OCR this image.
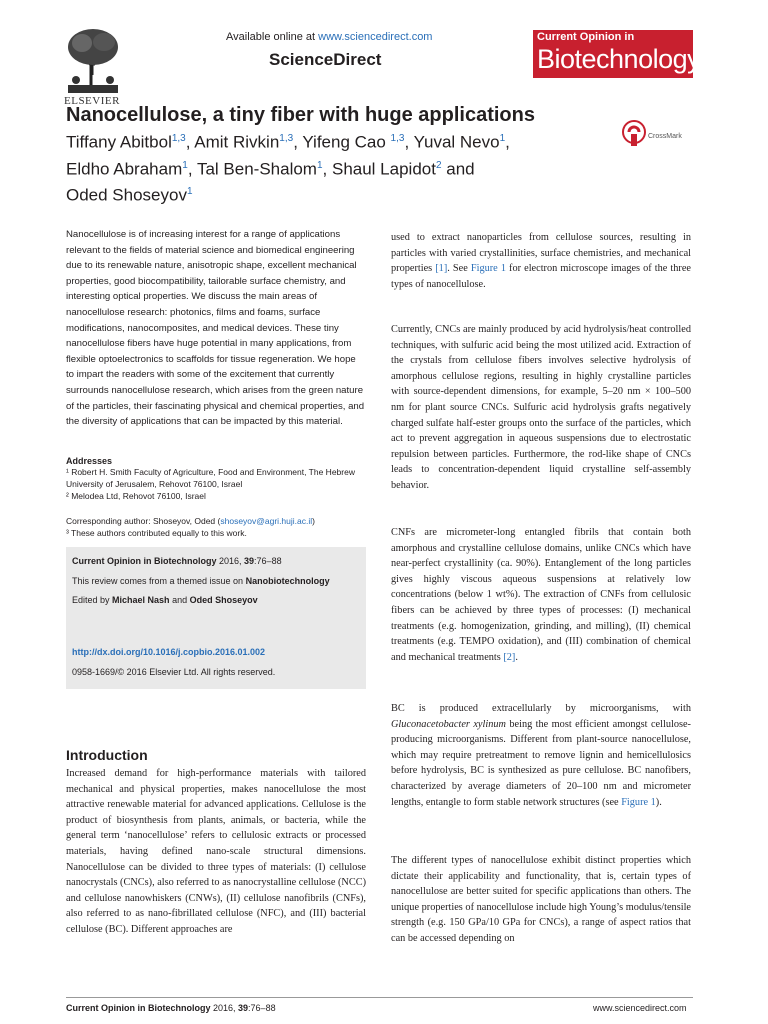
ELSEVIER
Available online at www.sciencedirect.com
ScienceDirect
Current Opinion in
Biotechnology
Nanocellulose, a tiny fiber with huge applications
Tiffany Abitbol$^{1,3}$, Amit Rivkin$^{1,3}$, Yifeng Cao $^{1,3}$, Yuval Nevo$^1$,
Eldho Abraham$^1$, Tal Ben-Shalom$^1$, Shaul Lapidot$^2$ and
Oded Shoseyov$^1$
CrossMark
Nanocellulose is of increasing interest for a range of applications relevant to the fields of material science and biomedical engineering due to its renewable nature, anisotropic shape, excellent mechanical properties, good biocompatibility, tailorable surface chemistry, and interesting optical properties. We discuss the main areas of nanocellulose research: photonics, films and foams, surface modifications, nanocomposites, and medical devices. These tiny nanocellulose fibers have huge potential in many applications, from flexible optoelectronics to scaffolds for tissue regeneration. We hope to impart the readers with some of the excitement that currently surrounds nanocellulose research, which arises from the green nature of the particles, their fascinating physical and chemical properties, and the diversity of applications that can be impacted by this material.
Addresses
¹ Robert H. Smith Faculty of Agriculture, Food and Environment, The Hebrew University of Jerusalem, Rehovot 76100, Israel
² Melodea Ltd, Rehovot 76100, Israel
Corresponding author: Shoseyov, Oded (shoseyov@agri.huji.ac.il)
³ These authors contributed equally to this work.
Current Opinion in Biotechnology 2016, 39:76–88
This review comes from a themed issue on Nanobiotechnology
Edited by Michael Nash and Oded Shoseyov
http://dx.doi.org/10.1016/j.copbio.2016.01.002
0958-1669/© 2016 Elsevier Ltd. All rights reserved.
Introduction
Increased demand for high-performance materials with tailored mechanical and physical properties, makes nanocellulose the most attractive renewable material for advanced applications. Cellulose is the product of biosynthesis from plants, animals, or bacteria, while the general term ‘nanocellulose’ refers to cellulosic extracts or processed materials, having defined nano-scale structural dimensions. Nanocellulose can be divided to three types of materials: (I) cellulose nanocrystals (CNCs), also referred to as nanocrystalline cellulose (NCC) and cellulose nanowhiskers (CNWs), (II) cellulose nanofibrils (CNFs), also referred to as nano-fibrillated cellulose (NFC), and (III) bacterial cellulose (BC). Different approaches are
used to extract nanoparticles from cellulose sources, resulting in particles with varied crystallinities, surface chemistries, and mechanical properties [1]. See Figure 1 for electron microscope images of the three types of nanocellulose.
Currently, CNCs are mainly produced by acid hydrolysis/heat controlled techniques, with sulfuric acid being the most utilized acid. Extraction of the crystals from cellulose fibers involves selective hydrolysis of amorphous cellulose regions, resulting in highly crystalline particles with source-dependent dimensions, for example, 5–20 nm × 100–500 nm for plant source CNCs. Sulfuric acid hydrolysis grafts negatively charged sulfate half-ester groups onto the surface of the particles, which act to prevent aggregation in aqueous suspensions due to electrostatic repulsion between particles. Furthermore, the rod-like shape of CNCs leads to concentration-dependent liquid crystalline self-assembly behavior.
CNFs are micrometer-long entangled fibrils that contain both amorphous and crystalline cellulose domains, unlike CNCs which have near-perfect crystallinity (ca. 90%). Entanglement of the long particles gives highly viscous aqueous suspensions at relatively low concentrations (below 1 wt%). The extraction of CNFs from cellulosic fibers can be achieved by three types of processes: (I) mechanical treatments (e.g. homogenization, grinding, and milling), (II) chemical treatments (e.g. TEMPO oxidation), and (III) combination of chemical and mechanical treatments [2].
BC is produced extracellularly by microorganisms, with Gluconacetobacter xylinum being the most efficient amongst cellulose-producing microorganisms. Different from plant-source nanocellulose, which may require pretreatment to remove lignin and hemicellulosics before hydrolysis, BC is synthesized as pure cellulose. BC nanofibers, characterized by average diameters of 20–100 nm and micrometer lengths, entangle to form stable network structures (see Figure 1).
The different types of nanocellulose exhibit distinct properties which dictate their applicability and functionality, that is, certain types of nanocellulose are better suited for specific applications than others. The unique properties of nanocellulose include high Young’s modulus/tensile strength (e.g. 150 GPa/10 GPa for CNCs), a range of aspect ratios that can be accessed depending on
Current Opinion in Biotechnology 2016, 39:76–88	www.sciencedirect.com
